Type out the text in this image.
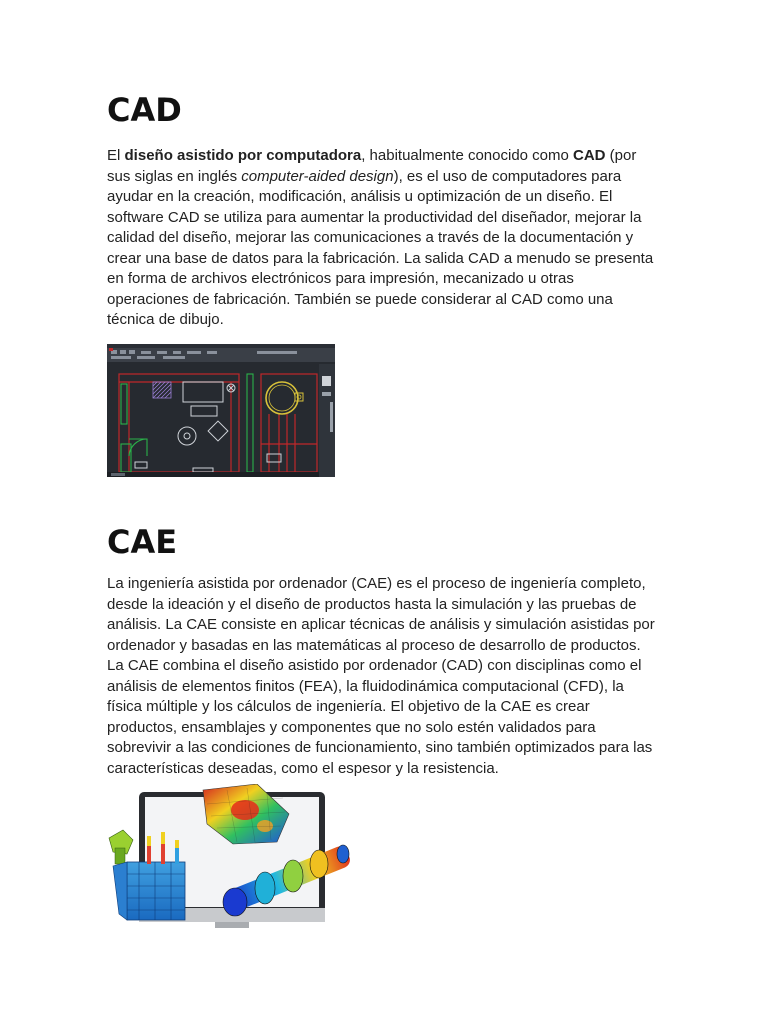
CAD

El diseño asistido por computadora, habitualmente conocido como CAD (por sus siglas en inglés computer-aided design), es el uso de computadores para ayudar en la creación, modificación, análisis u optimización de un diseño. El software CAD se utiliza para aumentar la productividad del diseñador, mejorar la calidad del diseño, mejorar las comunicaciones a través de la documentación y crear una base de datos para la fabricación. La salida CAD a menudo se presenta en forma de archivos electrónicos para impresión, mecanizado u otras operaciones de fabricación. También se puede considerar al CAD como una técnica de dibujo.

CAE

La ingeniería asistida por ordenador (CAE) es el proceso de ingeniería completo, desde la ideación y el diseño de productos hasta la simulación y las pruebas de análisis. La CAE consiste en aplicar técnicas de análisis y simulación asistidas por ordenador y basadas en las matemáticas al proceso de desarrollo de productos. La CAE combina el diseño asistido por ordenador (CAD) con disciplinas como el análisis de elementos finitos (FEA), la fluidodinámica computacional (CFD), la física múltiple y los cálculos de ingeniería. El objetivo de la CAE es crear productos, ensamblajes y componentes que no solo estén validados para sobrevivir a las condiciones de funcionamiento, sino también optimizados para las características deseadas, como el espesor y la resistencia.
